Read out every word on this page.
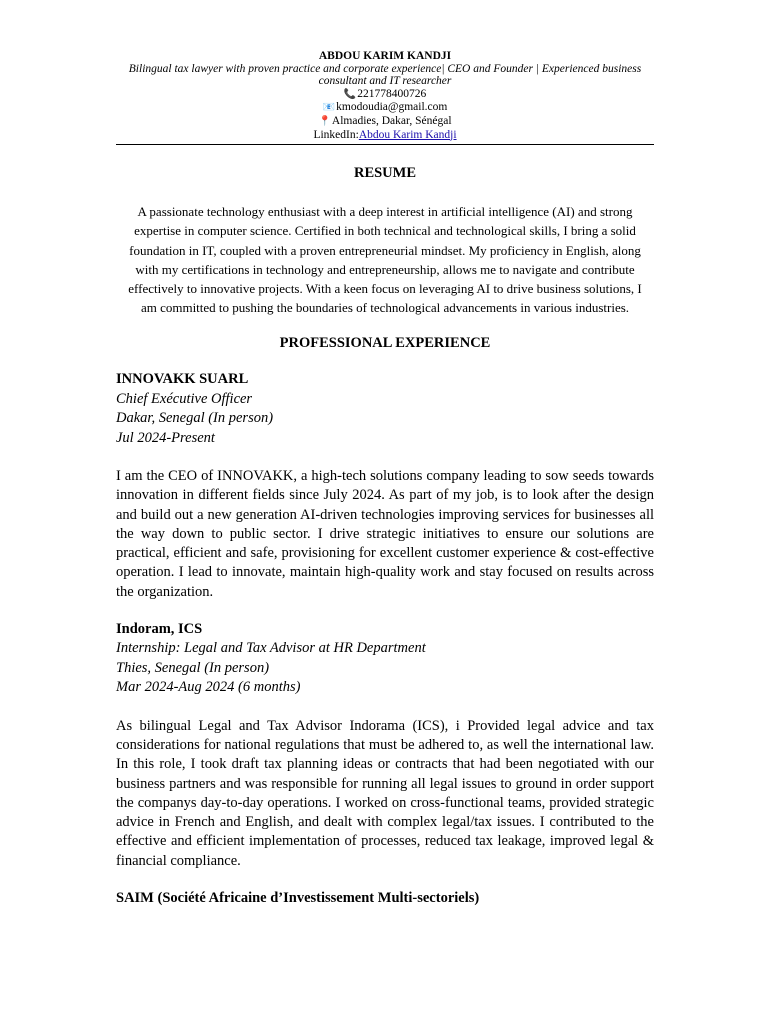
ABDOU KARIM KANDJI
Bilingual tax lawyer with proven practice and corporate experience| CEO and Founder | Experienced business consultant and IT researcher
📞221778400726
📧kmodoudia@gmail.com
📍Almadies, Dakar, Sénégal
LinkedIn:Abdou Karim Kandji
RESUME

A passionate technology enthusiast with a deep interest in artificial intelligence (AI) and strong expertise in computer science. Certified in both technical and technological skills, I bring a solid foundation in IT, coupled with a proven entrepreneurial mindset. My proficiency in English, along with my certifications in technology and entrepreneurship, allows me to navigate and contribute effectively to innovative projects. With a keen focus on leveraging AI to drive business solutions, I am committed to pushing the boundaries of technological advancements in various industries.

PROFESSIONAL EXPERIENCE
INNOVAKK SUARL
Chief Exécutive Officer
Dakar, Senegal (In person)
Jul 2024-Present

I am the CEO of INNOVAKK, a high-tech solutions company leading to sow seeds towards innovation in different fields since July 2024. As part of my job, is to look after the design and build out a new generation AI-driven technologies improving services for businesses all the way down to public sector. I drive strategic initiatives to ensure our solutions are practical, efficient and safe, provisioning for excellent customer experience & cost-effective operation. I lead to innovate, maintain high-quality work and stay focused on results across the organization.

Indoram, ICS
Internship: Legal and Tax Advisor at HR Department
Thies, Senegal (In person)
Mar 2024-Aug 2024 (6 months)

As bilingual Legal and Tax Advisor Indorama (ICS), i Provided legal advice and tax considerations for national regulations that must be adhered to, as well the international law. In this role, I took draft tax planning ideas or contracts that had been negotiated with our business partners and was responsible for running all legal issues to ground in order support the companys day-to-day operations. I worked on cross-functional teams, provided strategic advice in French and English, and dealt with complex legal/tax issues. I contributed to the effective and efficient implementation of processes, reduced tax leakage, improved legal & financial compliance.

SAIM (Société Africaine d’Investissement Multi-sectoriels)
